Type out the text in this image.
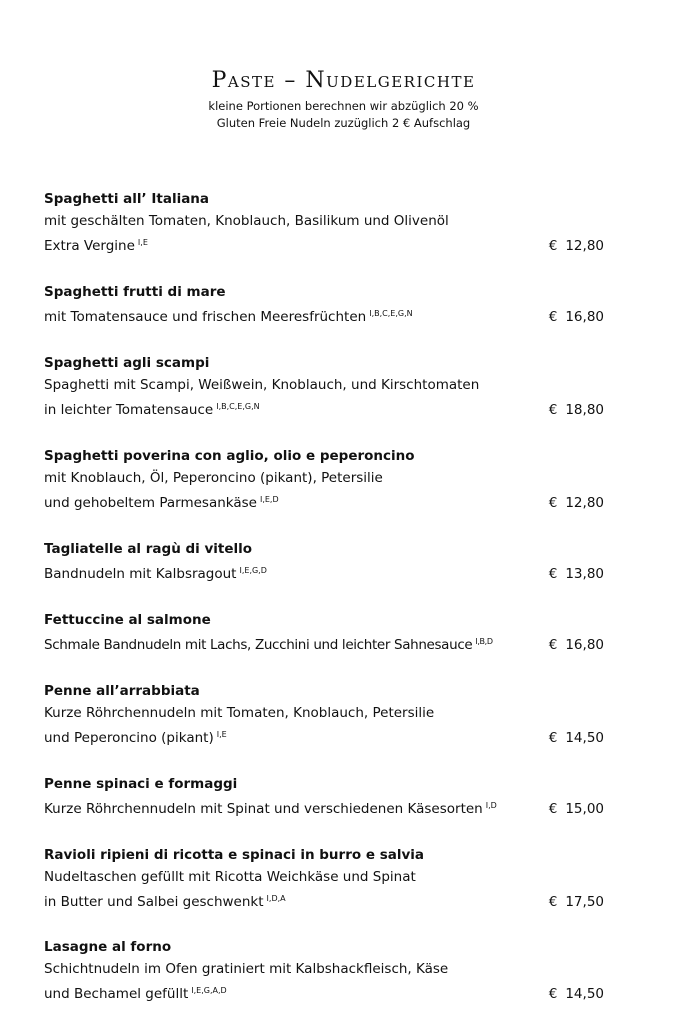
Paste – Nudelgerichte
kleine Portionen berechnen wir abzüglich 20 %
Gluten Freie Nudeln zuzüglich 2 € Aufschlag
Spaghetti all’ Italiana
mit geschälten Tomaten, Knoblauch, Basilikum und Olivenöl
Extra Vergine $^{I,E}$	€ 12,80
Spaghetti frutti di mare
mit Tomatensauce und frischen Meeresfrüchten $^{I,B,C,E,G,N}$	€ 16,80
Spaghetti agli scampi
Spaghetti mit Scampi, Weißwein, Knoblauch, und Kirschtomaten
in leichter Tomatensauce $^{I,B,C,E,G,N}$	€ 18,80
Spaghetti poverina con aglio, olio e peperoncino
mit Knoblauch, Öl, Peperoncino (pikant), Petersilie
und gehobeltem Parmesankäse $^{I,E,D}$	€ 12,80
Tagliatelle al ragù di vitello
Bandnudeln mit Kalbsragout $^{I,E,G,D}$	€ 13,80
Fettuccine al salmone
Schmale Bandnudeln mit Lachs, Zucchini und leichter Sahnesauce $^{I,B,D}$	€ 16,80
Penne all’arrabbiata
Kurze Röhrchennudeln mit Tomaten, Knoblauch, Petersilie
und Peperoncino (pikant) $^{I,E}$	€ 14,50
Penne spinaci e formaggi
Kurze Röhrchennudeln mit Spinat und verschiedenen Käsesorten $^{I,D}$	€ 15,00
Ravioli ripieni di ricotta e spinaci in burro e salvia
Nudeltaschen gefüllt mit Ricotta Weichkäse und Spinat
in Butter und Salbei geschwenkt $^{I,D,A}$	€ 17,50
Lasagne al forno
Schichtnudeln im Ofen gratiniert mit Kalbshackfleisch, Käse
und Bechamel gefüllt $^{I,E,G,A,D}$	€ 14,50
